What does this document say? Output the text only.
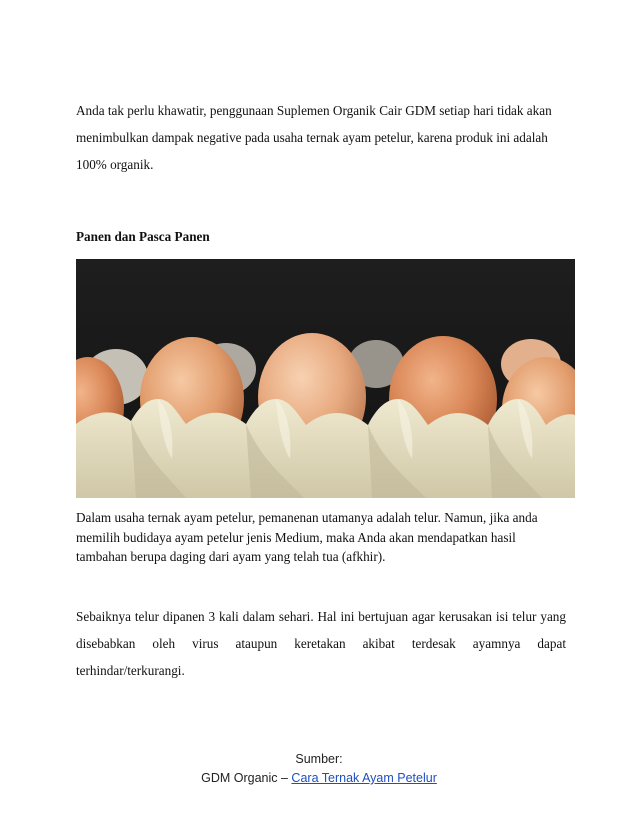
Anda tak perlu khawatir, penggunaan Suplemen Organik Cair GDM setiap hari tidak akan menimbulkan dampak negative pada usaha ternak ayam petelur, karena produk ini adalah 100% organik.

Panen dan Pasca Panen

Dalam usaha ternak ayam petelur, pemanenan utamanya adalah telur. Namun, jika anda memilih budidaya ayam petelur jenis Medium, maka Anda akan mendapatkan hasil tambahan berupa daging dari ayam yang telah tua (afkhir).

Sebaiknya telur dipanen 3 kali dalam sehari. Hal ini bertujuan agar kerusakan isi telur yang disebabkan oleh virus ataupun keretakan akibat terdesak ayamnya dapat terhindar/terkurangi.

Sumber:
GDM Organic – Cara Ternak Ayam Petelur
